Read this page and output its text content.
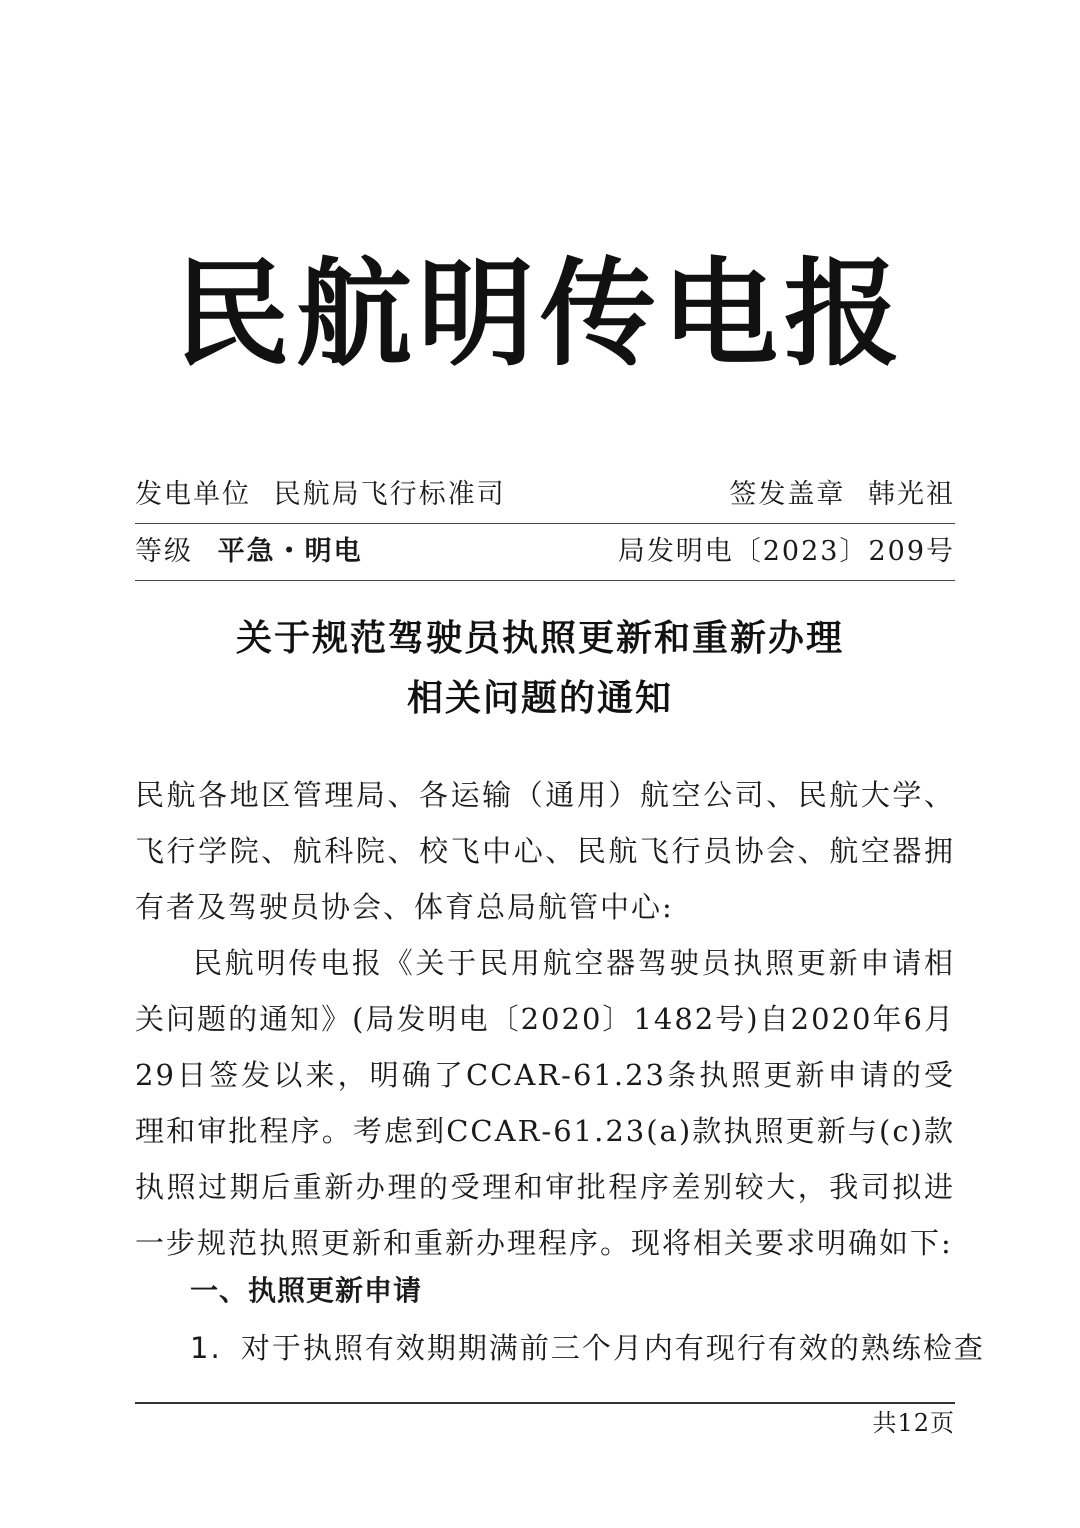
民航明传电报
发电单位 民航局飞行标准司	签发盖章 韩光祖
等级 平急・明电	局发明电〔2023〕209号
关于规范驾驶员执照更新和重新办理
相关问题的通知

民航各地区管理局、各运输（通用）航空公司、民航大学、飞行学院、航科院、校飞中心、民航飞行员协会、航空器拥有者及驾驶员协会、体育总局航管中心:

民航明传电报《关于民用航空器驾驶员执照更新申请相关问题的通知》(局发明电〔2020〕1482号)自2020年6月29日签发以来，明确了CCAR-61.23条执照更新申请的受理和审批程序。考虑到CCAR-61.23(a)款执照更新与(c)款执照过期后重新办理的受理和审批程序差别较大，我司拟进一步规范执照更新和重新办理程序。现将相关要求明确如下:

一、执照更新申请
1. 对于执照有效期期满前三个月内有现行有效的熟练检查
共12页
